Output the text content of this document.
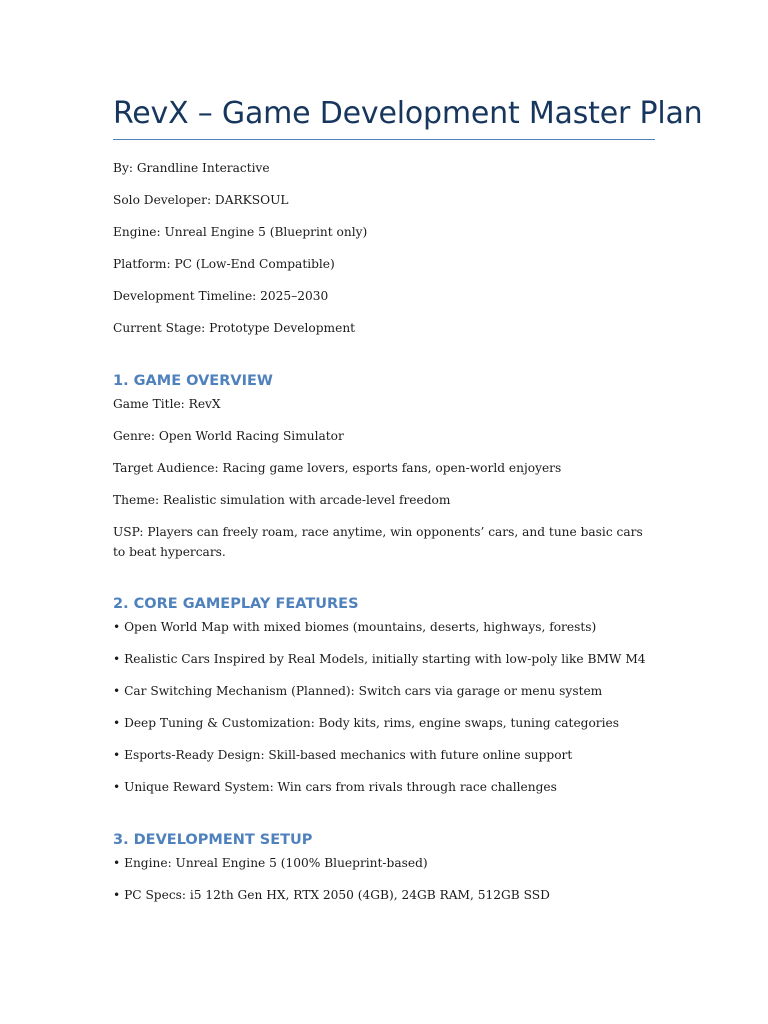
RevX – Game Development Master Plan
By: Grandline Interactive
Solo Developer: DARKSOUL
Engine: Unreal Engine 5 (Blueprint only)
Platform: PC (Low-End Compatible)
Development Timeline: 2025–2030
Current Stage: Prototype Development
1. GAME OVERVIEW
Game Title: RevX
Genre: Open World Racing Simulator
Target Audience: Racing game lovers, esports fans, open-world enjoyers
Theme: Realistic simulation with arcade-level freedom
USP: Players can freely roam, race anytime, win opponents’ cars, and tune basic cars to beat hypercars.
2. CORE GAMEPLAY FEATURES
• Open World Map with mixed biomes (mountains, deserts, highways, forests)
• Realistic Cars Inspired by Real Models, initially starting with low-poly like BMW M4
• Car Switching Mechanism (Planned): Switch cars via garage or menu system
• Deep Tuning & Customization: Body kits, rims, engine swaps, tuning categories
• Esports-Ready Design: Skill-based mechanics with future online support
• Unique Reward System: Win cars from rivals through race challenges
3. DEVELOPMENT SETUP
• Engine: Unreal Engine 5 (100% Blueprint-based)
• PC Specs: i5 12th Gen HX, RTX 2050 (4GB), 24GB RAM, 512GB SSD
